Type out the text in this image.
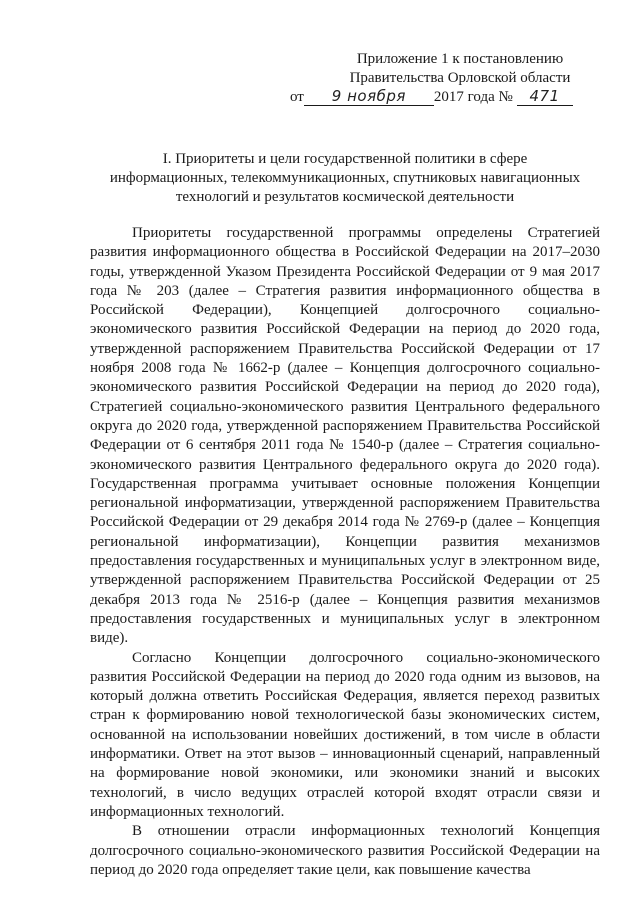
Приложение 1 к постановлению
Правительства Орловской области
от 9 ноября 2017 года № 471
I. Приоритеты и цели государственной политики в сфере
информационных, телекоммуникационных, спутниковых навигационных
технологий и результатов космической деятельности

Приоритеты государственной программы определены Стратегией развития информационного общества в Российской Федерации на 2017–2030 годы, утвержденной Указом Президента Российской Федерации от 9 мая 2017 года № 203 (далее – Стратегия развития информационного общества в Российской Федерации), Концепцией долгосрочного социально-экономического развития Российской Федерации на период до 2020 года, утвержденной распоряжением Правительства Российской Федерации от 17 ноября 2008 года № 1662-р (далее – Концепция долгосрочного социально-экономического развития Российской Федерации на период до 2020 года), Стратегией социально-экономического развития Центрального федерального округа до 2020 года, утвержденной распоряжением Правительства Российской Федерации от 6 сентября 2011 года № 1540-р (далее – Стратегия социально-экономического развития Центрального федерального округа до 2020 года). Государственная программа учитывает основные положения Концепции региональной информатизации, утвержденной распоряжением Правительства Российской Федерации от 29 декабря 2014 года № 2769-р (далее – Концепция региональной информатизации), Концепции развития механизмов предоставления государственных и муниципальных услуг в электронном виде, утвержденной распоряжением Правительства Российской Федерации от 25 декабря 2013 года № 2516-р (далее – Концепция развития механизмов предоставления государственных и муниципальных услуг в электронном виде).

Согласно Концепции долгосрочного социально-экономического развития Российской Федерации на период до 2020 года одним из вызовов, на который должна ответить Российская Федерация, является переход развитых стран к формированию новой технологической базы экономических систем, основанной на использовании новейших достижений, в том числе в области информатики. Ответ на этот вызов – инновационный сценарий, направленный на формирование новой экономики, или экономики знаний и высоких технологий, в число ведущих отраслей которой входят отрасли связи и информационных технологий.

В отношении отрасли информационных технологий Концепция долгосрочного социально-экономического развития Российской Федерации на период до 2020 года определяет такие цели, как повышение качества
